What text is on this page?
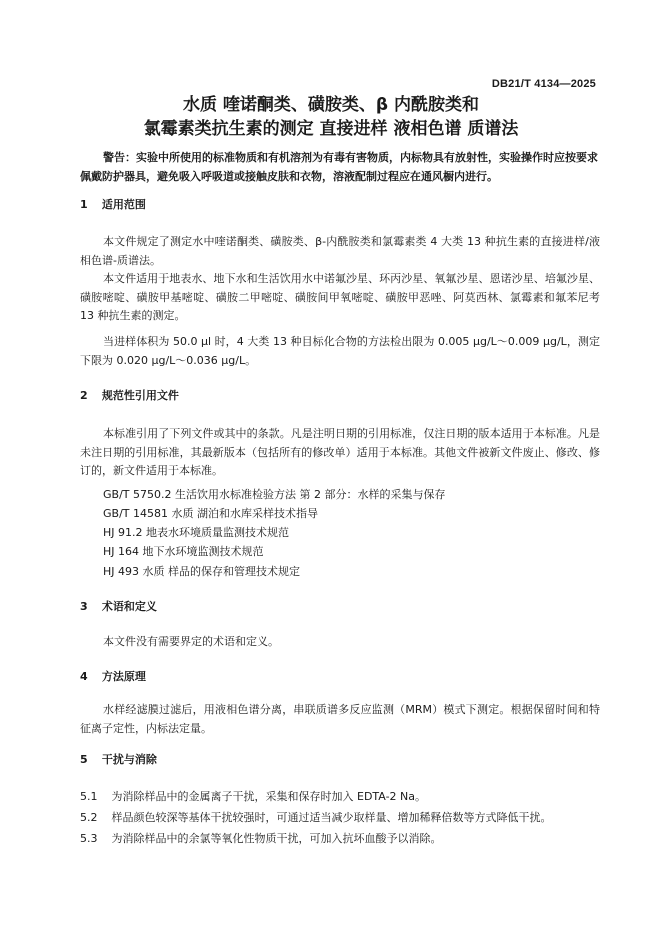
DB21/T 4134—2025
水质 喹诺酮类、磺胺类、β 内酰胺类和
氯霉素类抗生素的测定 直接进样 液相色谱 质谱法
警告：实验中所使用的标准物质和有机溶剂为有毒有害物质，内标物具有放射性，实验操作时应按要求佩戴防护器具，避免吸入呼吸道或接触皮肤和衣物，溶液配制过程应在通风橱内进行。
1 适用范围
本文件规定了测定水中喹诺酮类、磺胺类、β-内酰胺类和氯霉素类 4 大类 13 种抗生素的直接进样/液相色谱-质谱法。
本文件适用于地表水、地下水和生活饮用水中诺氟沙星、环丙沙星、氧氟沙星、恩诺沙星、培氟沙星、磺胺嘧啶、磺胺甲基嘧啶、磺胺二甲嘧啶、磺胺间甲氧嘧啶、磺胺甲恶唑、阿莫西林、氯霉素和氟苯尼考 13 种抗生素的测定。
当进样体积为 50.0 μl 时，4 大类 13 种目标化合物的方法检出限为 0.005 μg/L～0.009 μg/L，测定下限为 0.020 μg/L～0.036 μg/L。
2 规范性引用文件
本标准引用了下列文件或其中的条款。凡是注明日期的引用标准，仅注日期的版本适用于本标准。凡是未注日期的引用标准，其最新版本（包括所有的修改单）适用于本标准。其他文件被新文件废止、修改、修订的，新文件适用于本标准。
GB/T 5750.2 生活饮用水标准检验方法 第 2 部分：水样的采集与保存
GB/T 14581 水质 湖泊和水库采样技术指导
HJ 91.2 地表水环境质量监测技术规范
HJ 164 地下水环境监测技术规范
HJ 493 水质 样品的保存和管理技术规定
3 术语和定义
本文件没有需要界定的术语和定义。
4 方法原理
水样经滤膜过滤后，用液相色谱分离，串联质谱多反应监测（MRM）模式下测定。根据保留时间和特征离子定性，内标法定量。
5 干扰与消除
5.1 为消除样品中的金属离子干扰，采集和保存时加入 EDTA-2 Na。
5.2 样品颜色较深等基体干扰较强时，可通过适当减少取样量、增加稀释倍数等方式降低干扰。
5.3 为消除样品中的余氯等氧化性物质干扰，可加入抗坏血酸予以消除。
